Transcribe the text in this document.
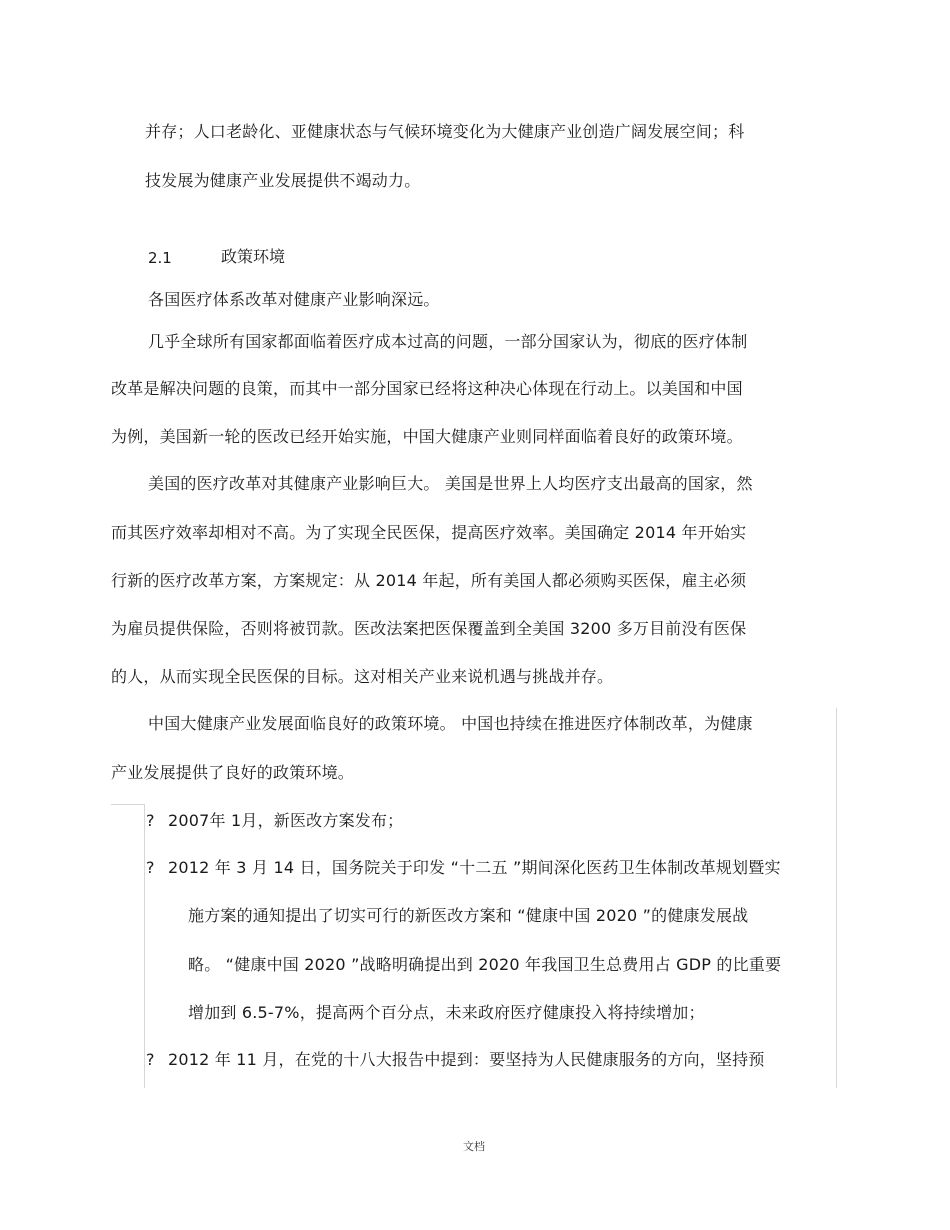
并存；人口老龄化、亚健康状态与气候环境变化为大健康产业创造广阔发展空间；科
技发展为健康产业发展提供不竭动力。
2.1	政策环境
各国医疗体系改革对健康产业影响深远。
几乎全球所有国家都面临着医疗成本过高的问题，一部分国家认为，彻底的医疗体制
改革是解决问题的良策，而其中一部分国家已经将这种决心体现在行动上。以美国和中国
为例，美国新一轮的医改已经开始实施，中国大健康产业则同样面临着良好的政策环境。
美国的医疗改革对其健康产业影响巨大。 美国是世界上人均医疗支出最高的国家，然
而其医疗效率却相对不高。为了实现全民医保，提高医疗效率。美国确定 2014 年开始实
行新的医疗改革方案，方案规定：从 2014 年起，所有美国人都必须购买医保，雇主必须
为雇员提供保险，否则将被罚款。医改法案把医保覆盖到全美国 3200 多万目前没有医保
的人，从而实现全民医保的目标。这对相关产业来说机遇与挑战并存。
中国大健康产业发展面临良好的政策环境。 中国也持续在推进医疗体制改革，为健康
产业发展提供了良好的政策环境。
? 2007年 1月，新医改方案发布；
? 2012 年 3 月 14 日，国务院关于印发 “十二五 ”期间深化医药卫生体制改革规划暨实
施方案的通知提出了切实可行的新医改方案和 “健康中国 2020 ”的健康发展战
略。 “健康中国 2020 ”战略明确提出到 2020 年我国卫生总费用占 GDP 的比重要
增加到 6.5-7%，提高两个百分点，未来政府医疗健康投入将持续增加；
? 2012 年 11 月，在党的十八大报告中提到：要坚持为人民健康服务的方向，坚持预
文档
